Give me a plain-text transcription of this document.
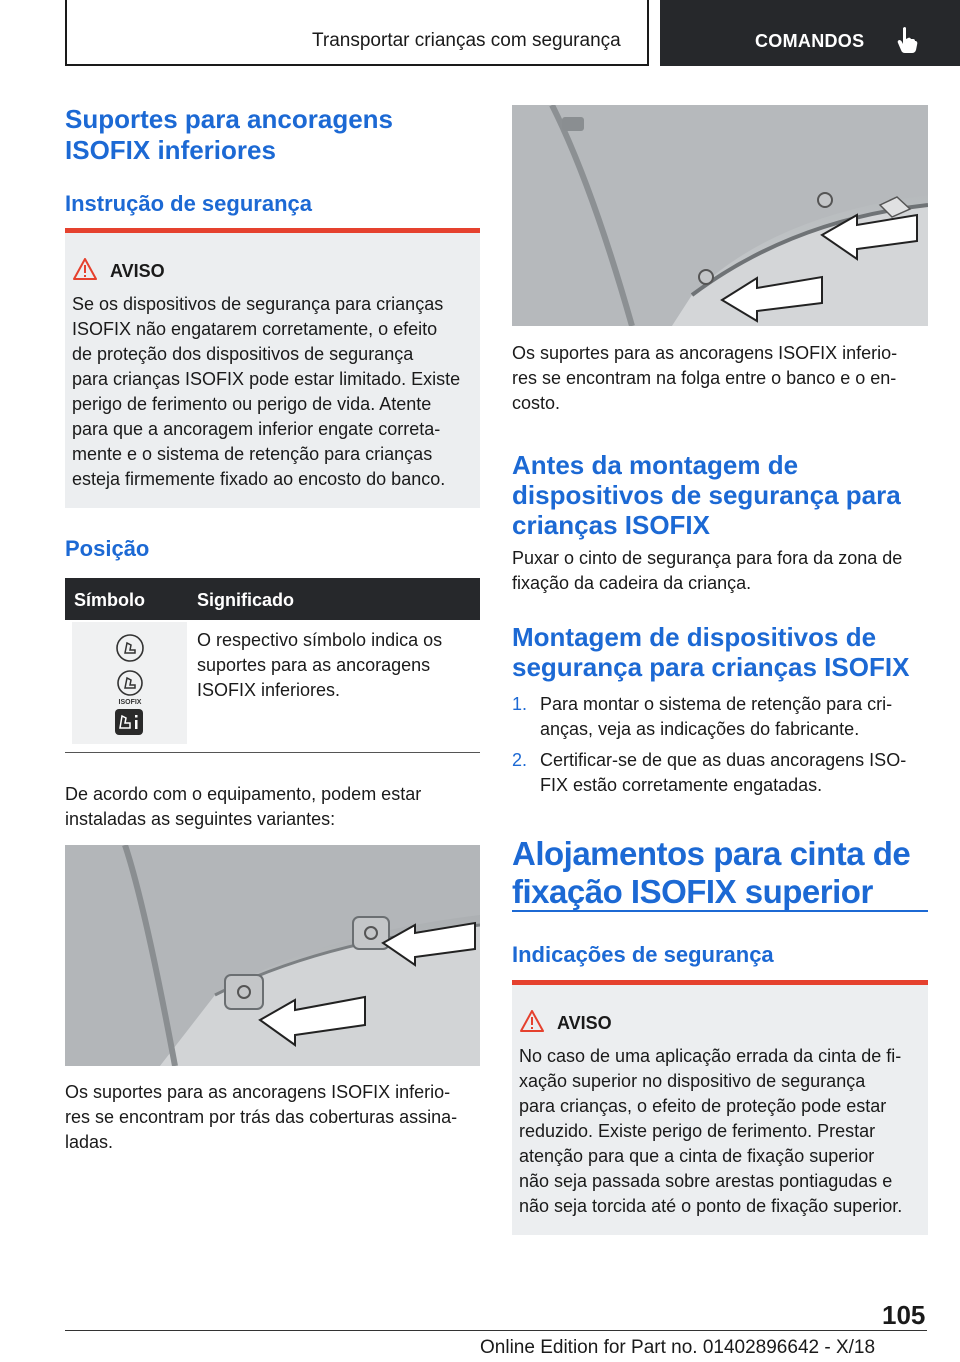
Transportar crianças com segurança	COMANDOS
Suportes para ancoragens
ISOFIX inferiores
Instrução de segurança
AVISO

Se os dispositivos de segurança para crianças

ISOFIX não engatarem corretamente, o efeito

de proteção dos dispositivos de segurança

para crianças ISOFIX pode estar limitado. Existe

perigo de ferimento ou perigo de vida. Atente

para que a ancoragem inferior engate correta-

mente e o sistema de retenção para crianças

esteja firmemente fixado ao encosto do banco.

Posição
Símbolo	Significado
ISOFIX

O respectivo símbolo indica os

suportes para as ancoragens

ISOFIX inferiores.

De acordo com o equipamento, podem estar

instaladas as seguintes variantes:

Os suportes para as ancoragens ISOFIX inferio-

res se encontram por trás das coberturas assina-

ladas.

Os suportes para as ancoragens ISOFIX inferio-

res se encontram na folga entre o banco e o en-

costo.

Antes da montagem de
dispositivos de segurança para
crianças ISOFIX

Puxar o cinto de segurança para fora da zona de

fixação da cadeira da criança.

Montagem de dispositivos de
segurança para crianças ISOFIX
1. Para montar o sistema de retenção para cri-
anças, veja as indicações do fabricante.
2. Certificar-se de que as duas ancoragens ISO-
FIX estão corretamente engatadas.
Alojamentos para cinta de
fixação ISOFIX superior
Indicações de segurança
AVISO

No caso de uma aplicação errada da cinta de fi-

xação superior no dispositivo de segurança

para crianças, o efeito de proteção pode estar

reduzido. Existe perigo de ferimento. Prestar

atenção para que a cinta de fixação superior

não seja passada sobre arestas pontiagudas e

não seja torcida até o ponto de fixação superior.

105
Online Edition for Part no. 01402896642 - X/18
